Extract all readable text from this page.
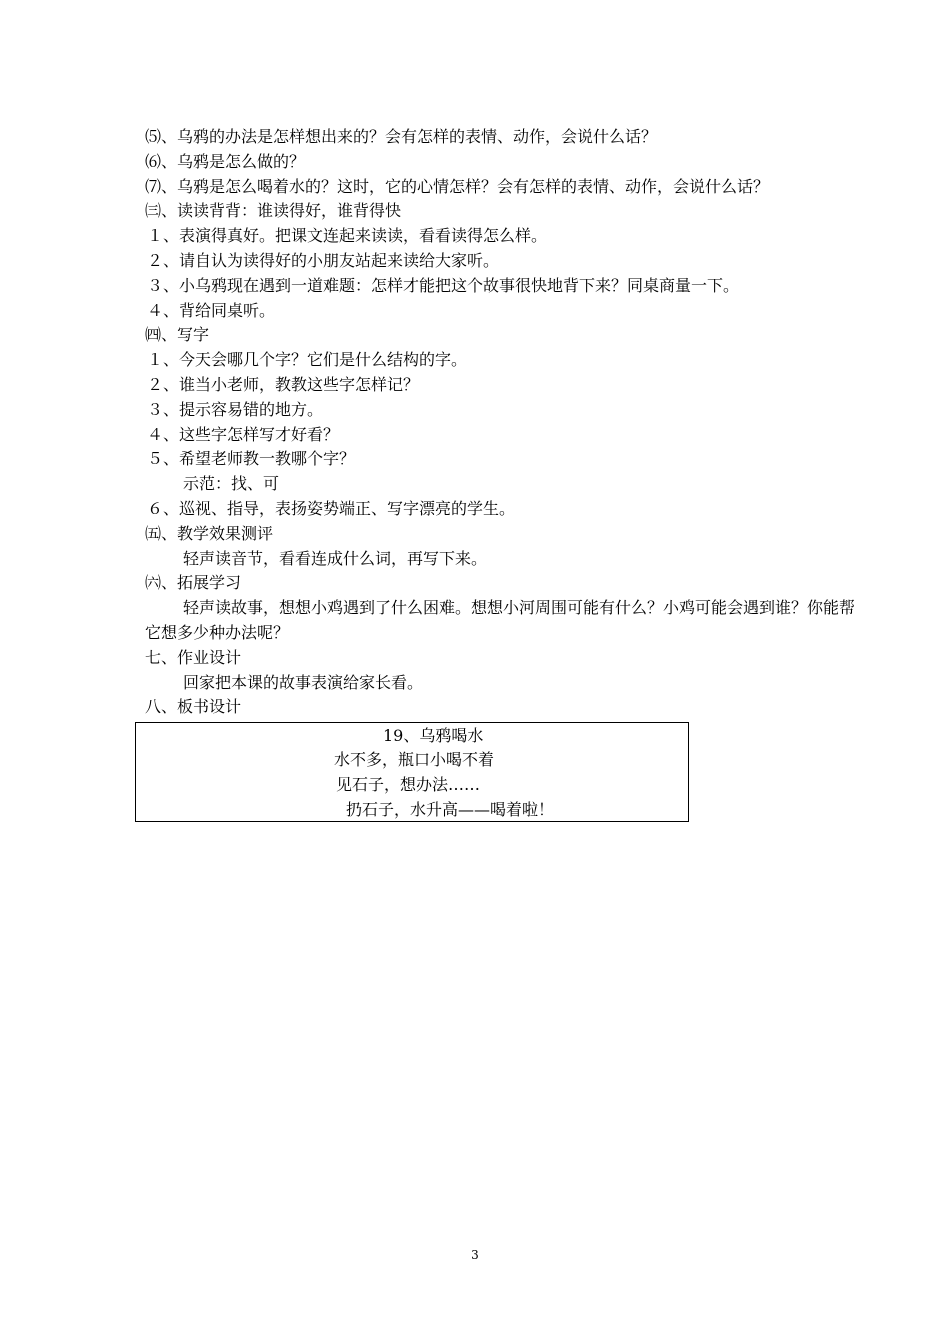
⑸、乌鸦的办法是怎样想出来的？会有怎样的表情、动作，会说什么话？
⑹、乌鸦是怎么做的？
⑺、乌鸦是怎么喝着水的？这时，它的心情怎样？会有怎样的表情、动作，会说什么话？
㈢、读读背背：谁读得好，谁背得快
１、表演得真好。把课文连起来读读，看看读得怎么样。
２、请自认为读得好的小朋友站起来读给大家听。
３、小乌鸦现在遇到一道难题：怎样才能把这个故事很快地背下来？同桌商量一下。
４、背给同桌听。
㈣、写字
１、今天会哪几个字？它们是什么结构的字。
２、谁当小老师，教教这些字怎样记？
３、提示容易错的地方。
４、这些字怎样写才好看？
５、希望老师教一教哪个字？
示范：找、可
６、巡视、指导，表扬姿势端正、写字漂亮的学生。
㈤、教学效果测评
轻声读音节，看看连成什么词，再写下来。
㈥、拓展学习
轻声读故事，想想小鸡遇到了什么困难。想想小河周围可能有什么？小鸡可能会遇到谁？你能帮它想多少种办法呢？
七、作业设计
回家把本课的故事表演给家长看。
八、板书设计
19、乌鸦喝水
水不多，瓶口小喝不着
见石子，想办法……
扔石子，水升高——喝着啦！
3
